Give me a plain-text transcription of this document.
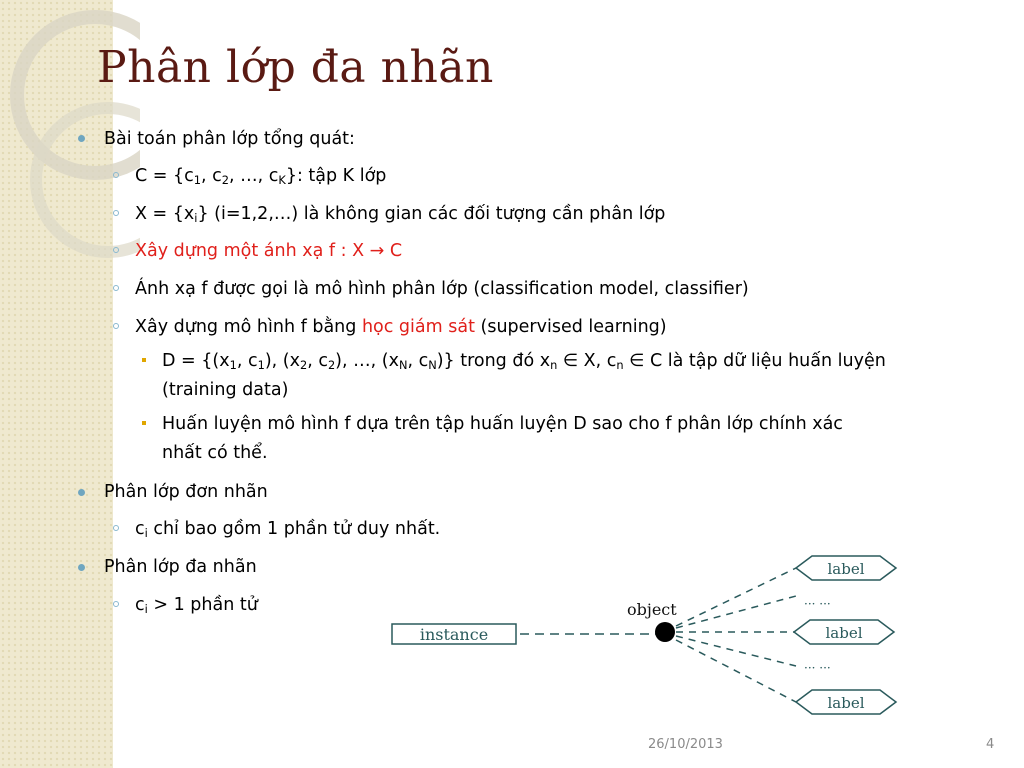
Phân lớp đa nhãn
Bài toán phân lớp tổng quát:
$C = \{c_1$, $c_2$, …, $c_K$}: tập K lớp
$X = \{x_i\}$ (i=1,2,…) là không gian các đối tượng cần phân lớp
Xây dựng một ánh xạ f : X → C
Ánh xạ f được gọi là mô hình phân lớp (classification model, classifier)
Xây dựng mô hình f bằng học giám sát (supervised learning)
$D = \{(x_1$, $c_1$), ($x_2$, $c_2$), …, ($x_N$, $c_N$)} trong đó $x_n$ ∈ X, $c_n$ ∈ C là tập dữ liệu huấn luyện
(training data)
Huấn luyện mô hình f dựa trên tập huấn luyện D sao cho f phân lớp chính xác
nhất có thể.
Phân lớp đơn nhãn
$c_i$ chỉ bao gồm 1 phần tử duy nhất.
Phân lớp đa nhãn
$c_i > 1$ phần tử
instance
object
label
··· ···
label
··· ···
label
26/10/2013	4
